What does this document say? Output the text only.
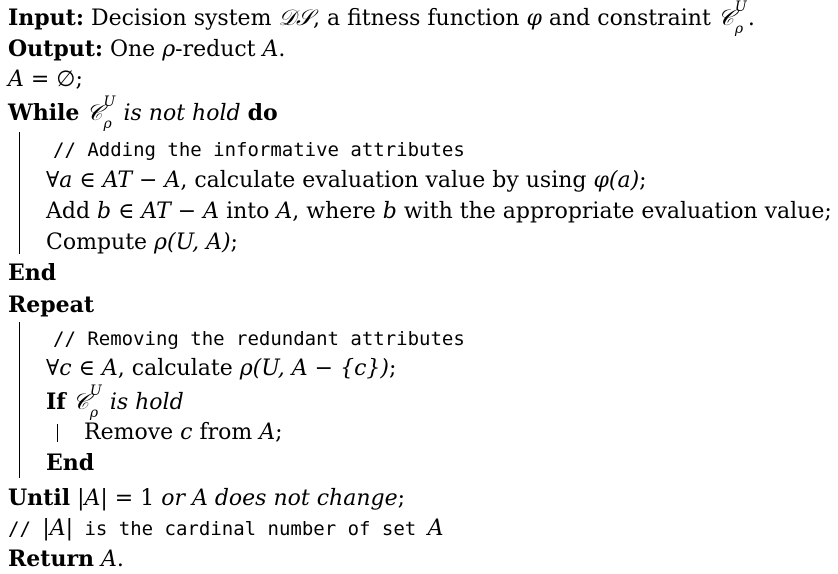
Input: Decision system 𝒟𝒮, a fitness function φ and constraint 𝒞 U
ρ .
Output: One ρ-reduct A.
A = ∅;
While 𝒞 U
ρ is not hold do
// Adding the informative attributes
∀a ∈ AT − A, calculate evaluation value by using φ(a);
Add b ∈ AT − A into A, where b with the appropriate evaluation value;
Compute ρ(U, A);
End
Repeat
// Removing the redundant attributes
∀c ∈ A, calculate ρ(U, A − {c});
If 𝒞 U
ρ is hold
Remove c from A;
End
Until |A| = 1 or A does not change;
// |A| is the cardinal number of set A
Return A.
